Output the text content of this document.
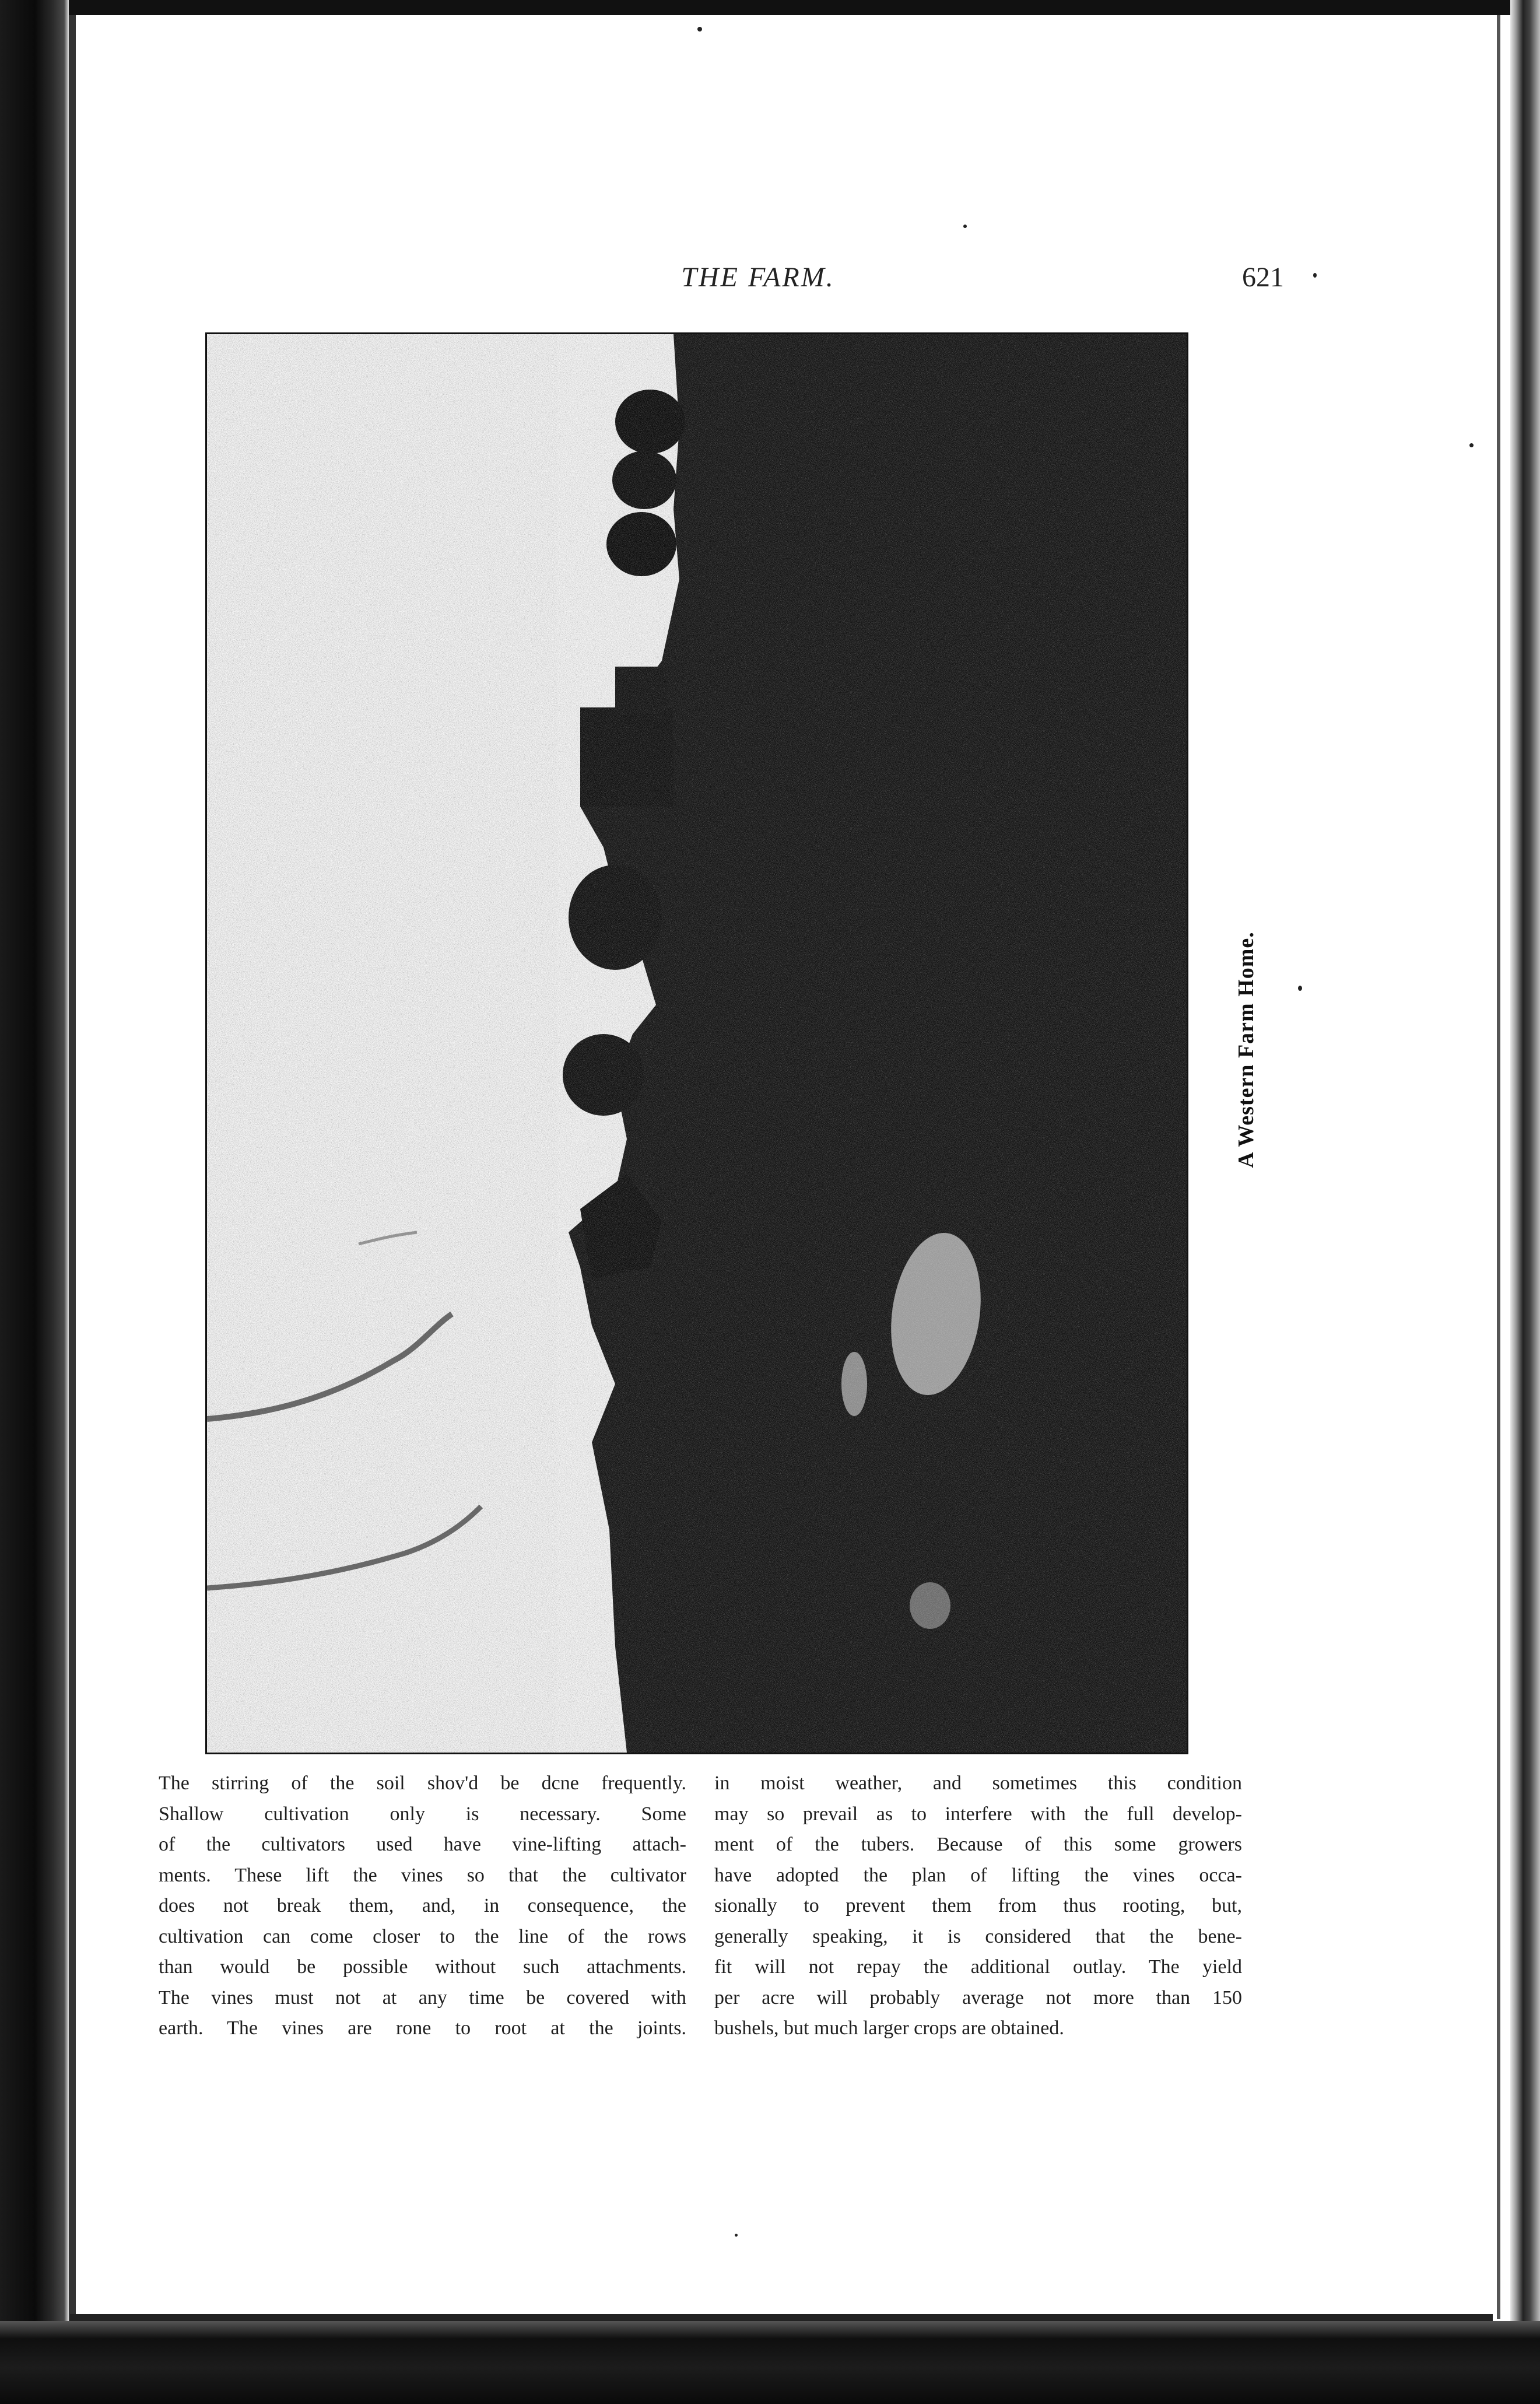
THE FARM.	621
A Western Farm Home.
The stirring of the soil shov'd be dcne frequently.
Shallow cultivation only is necessary. Some
of the cultivators used have vine-lifting attach-
ments. These lift the vines so that the cultivator
does not break them, and, in consequence, the
cultivation can come closer to the line of the rows
than would be possible without such attachments.
The vines must not at any time be covered with
earth. The vines are rone to root at the joints.
in moist weather, and sometimes this condition
may so prevail as to interfere with the full develop-
ment of the tubers. Because of this some growers
have adopted the plan of lifting the vines occa-
sionally to prevent them from thus rooting, but,
generally speaking, it is considered that the bene-
fit will not repay the additional outlay. The yield
per acre will probably average not more than 150
bushels, but much larger crops are obtained.
